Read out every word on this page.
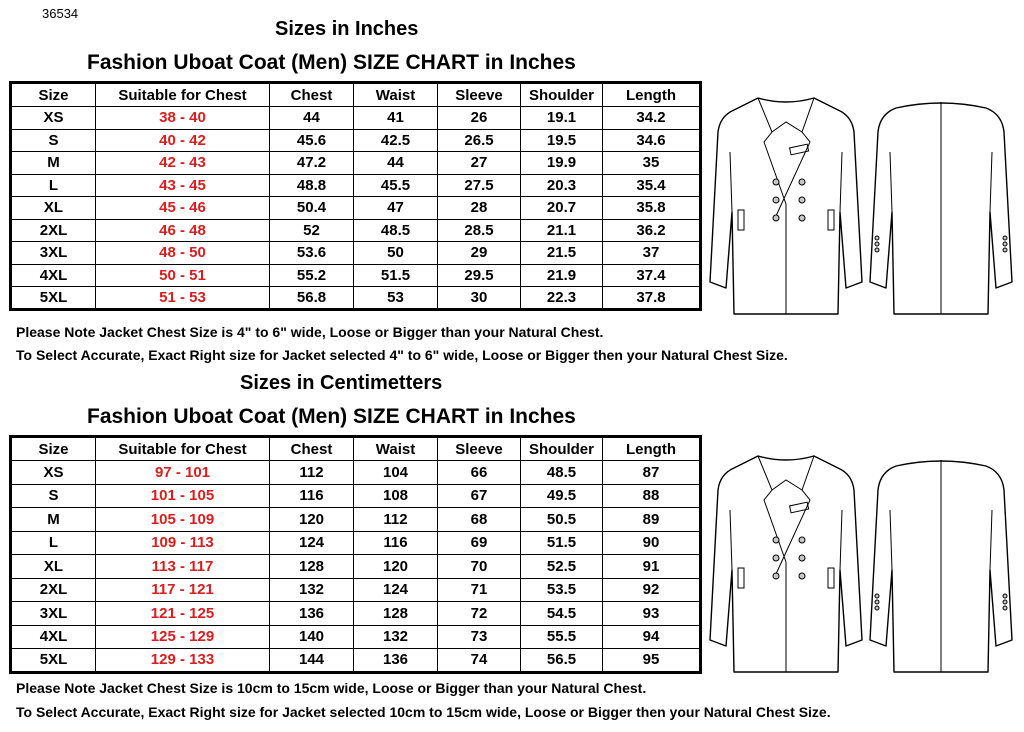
36534
Sizes in Inches
Fashion Uboat Coat (Men) SIZE CHART in Inches
Size	Suitable for Chest	Chest	Waist	Sleeve	Shoulder	Length
XS	38 - 40	44	41	26	19.1	34.2
S	40 - 42	45.6	42.5	26.5	19.5	34.6
M	42 - 43	47.2	44	27	19.9	35
L	43 - 45	48.8	45.5	27.5	20.3	35.4
XL	45 - 46	50.4	47	28	20.7	35.8
2XL	46 - 48	52	48.5	28.5	21.1	36.2
3XL	48 - 50	53.6	50	29	21.5	37
4XL	50 - 51	55.2	51.5	29.5	21.9	37.4
5XL	51 - 53	56.8	53	30	22.3	37.8
Please Note Jacket Chest Size is 4" to 6" wide, Loose or Bigger than your Natural Chest.
To Select Accurate, Exact Right size for Jacket selected 4" to 6" wide, Loose or Bigger then your Natural Chest Size.
Sizes in Centimetters
Fashion Uboat Coat (Men) SIZE CHART in Inches
Size	Suitable for Chest	Chest	Waist	Sleeve	Shoulder	Length
XS	97 - 101	112	104	66	48.5	87
S	101 - 105	116	108	67	49.5	88
M	105 - 109	120	112	68	50.5	89
L	109 - 113	124	116	69	51.5	90
XL	113 - 117	128	120	70	52.5	91
2XL	117 - 121	132	124	71	53.5	92
3XL	121 - 125	136	128	72	54.5	93
4XL	125 - 129	140	132	73	55.5	94
5XL	129 - 133	144	136	74	56.5	95
Please Note Jacket Chest Size is 10cm to 15cm wide, Loose or Bigger than your Natural Chest.
To Select Accurate, Exact Right size for Jacket selected 10cm to 15cm wide, Loose or Bigger then your Natural Chest Size.
